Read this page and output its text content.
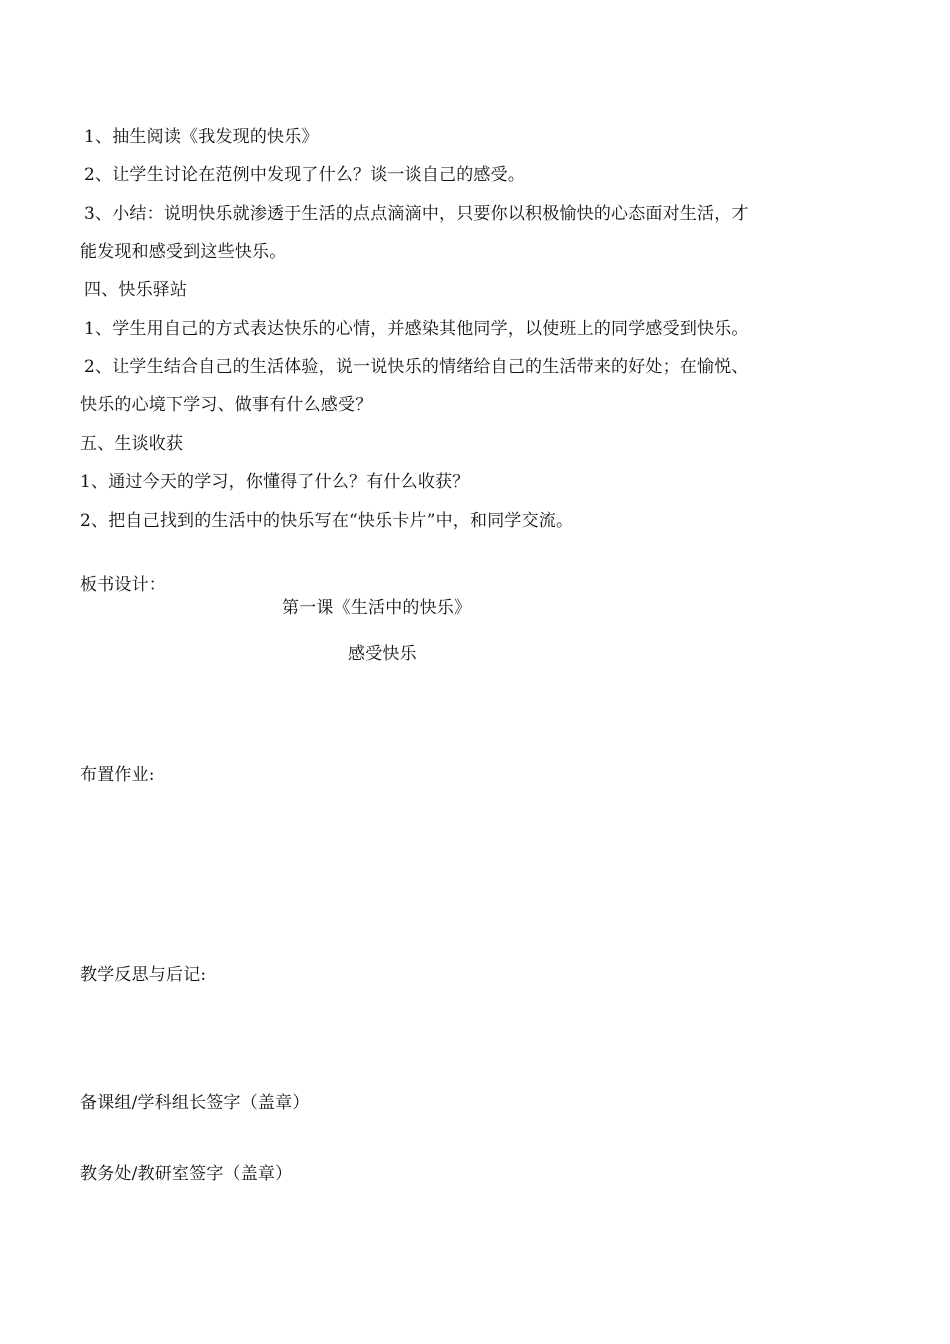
1、抽生阅读《我发现的快乐》
2、让学生讨论在范例中发现了什么？谈一谈自己的感受。
3、小结：说明快乐就渗透于生活的点点滴滴中，只要你以积极愉快的心态面对生活，才
能发现和感受到这些快乐。
四、快乐驿站
1、学生用自己的方式表达快乐的心情，并感染其他同学，以使班上的同学感受到快乐。
2、让学生结合自己的生活体验，说一说快乐的情绪给自己的生活带来的好处；在愉悦、
快乐的心境下学习、做事有什么感受？
五、生谈收获
1、通过今天的学习，你懂得了什么？有什么收获？
2、把自己找到的生活中的快乐写在“快乐卡片”中，和同学交流。
板书设计：
第一课《生活中的快乐》
感受快乐
布置作业:
教学反思与后记:
备课组/学科组长签字（盖章）
教务处/教研室签字（盖章）
